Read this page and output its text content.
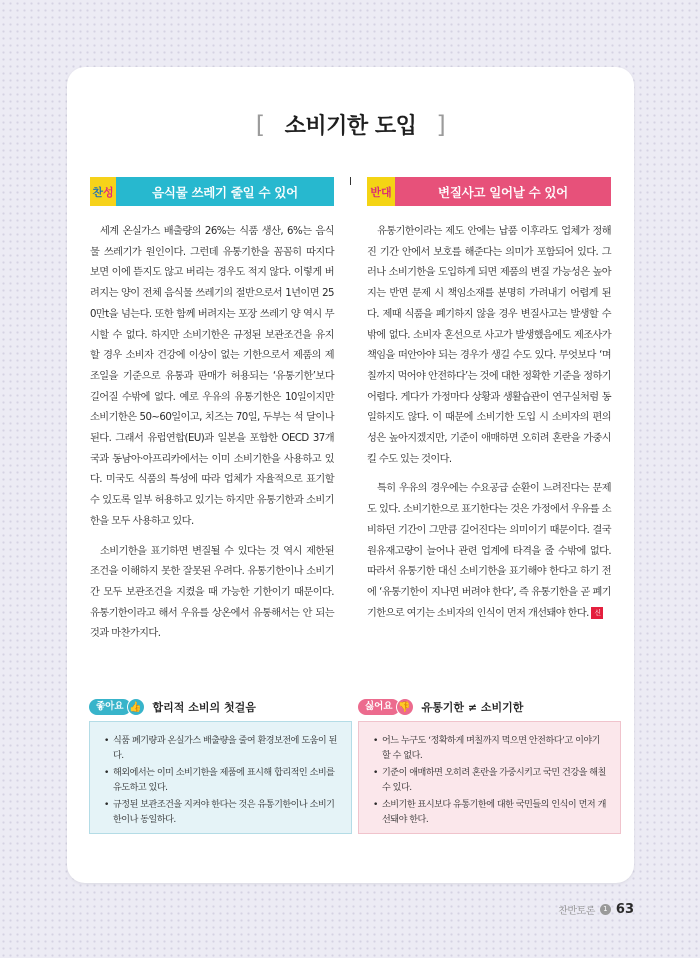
[ 소비기한 도입 ]
찬 성	음식물 쓰레기 줄일 수 있어

세계 온실가스 배출량의 26%는 식품 생산, 6%는 음식물 쓰레기가 원인이다. 그런데 유통기한을 꼼꼼히 따지다 보면 이에 뜯지도 않고 버리는 경우도 적지 않다. 이렇게 버려지는 양이 전체 음식물 쓰레기의 절반으로서 1년이면 250만t을 넘는다. 또한 함께 버려지는 포장 쓰레기 양 역시 무시할 수 없다. 하지만 소비기한은 규정된 보관조건을 유지할 경우 소비자 건강에 이상이 없는 기한으로서 제품의 제조일을 기준으로 유통과 판매가 허용되는 ‘유통기한’보다 길어질 수밖에 없다. 예로 우유의 유통기한은 10일이지만 소비기한은 50~60일이고, 치즈는 70일, 두부는 석 달이나 된다. 그래서 유럽연합(EU)과 일본을 포함한 OECD 37개국과 동남아·아프리카에서는 이미 소비기한을 사용하고 있다. 미국도 식품의 특성에 따라 업체가 자율적으로 표기할 수 있도록 일부 허용하고 있기는 하지만 유통기한과 소비기한을 모두 사용하고 있다.

소비기한을 표기하면 변질될 수 있다는 것 역시 제한된 조건을 이해하지 못한 잘못된 우려다. 유통기한이나 소비기간 모두 보관조건을 지켰을 때 가능한 기한이기 때문이다. 유통기한이라고 해서 우유를 상온에서 유통해서는 안 되는 것과 마찬가지다.

반 대	변질사고 일어날 수 있어

유통기한이라는 제도 안에는 납품 이후라도 업체가 정해진 기간 안에서 보호를 해준다는 의미가 포함되어 있다. 그러나 소비기한을 도입하게 되면 제품의 변질 가능성은 높아지는 반면 문제 시 책임소재를 분명히 가려내기 어렵게 된다. 제때 식품을 폐기하지 않을 경우 변질사고는 발생할 수밖에 없다. 소비자 혼선으로 사고가 발생했음에도 제조사가 책임을 떠안아야 되는 경우가 생길 수도 있다. 무엇보다 ‘며칠까지 먹어야 안전하다’는 것에 대한 정확한 기준을 정하기 어렵다. 게다가 가정마다 상황과 생활습관이 연구실처럼 동일하지도 않다. 이 때문에 소비기한 도입 시 소비자의 편의성은 높아지겠지만, 기준이 애매하면 오히려 혼란을 가중시킬 수도 있는 것이다.

특히 우유의 경우에는 수요공급 순환이 느려진다는 문제도 있다. 소비기한으로 표기한다는 것은 가정에서 우유를 소비하던 기간이 그만큼 길어진다는 의미이기 때문이다. 결국 원유재고량이 늘어나 관련 업계에 타격을 줄 수밖에 없다. 따라서 유통기한 대신 소비기한을 표기해야 한다고 하기 전에 ‘유통기한이 지나면 버려야 한다’, 즉 유통기한을 곧 폐기기한으로 여기는 소비자의 인식이 먼저 개선돼야 한다. 신문

좋아요 👍 합리적 소비의 첫걸음
• 식품 폐기량과 온실가스 배출량을 줄여 환경보전에 도움이 된다.
• 해외에서는 이미 소비기한을 제품에 표시해 합리적인 소비를 유도하고 있다.
• 규정된 보관조건을 지켜야 한다는 것은 유통기한이나 소비기한이나 동일하다.
싫어요 👎 유통기한 ≠ 소비기한
• 어느 누구도 ‘정확하게 며칠까지 먹으면 안전하다’고 이야기할 수 없다.
• 기준이 애매하면 오히려 혼란을 가중시키고 국민 건강을 해칠 수 있다.
• 소비기한 표시보다 유통기한에 대한 국민들의 인식이 먼저 개선돼야 한다.
찬반토론	1 63
